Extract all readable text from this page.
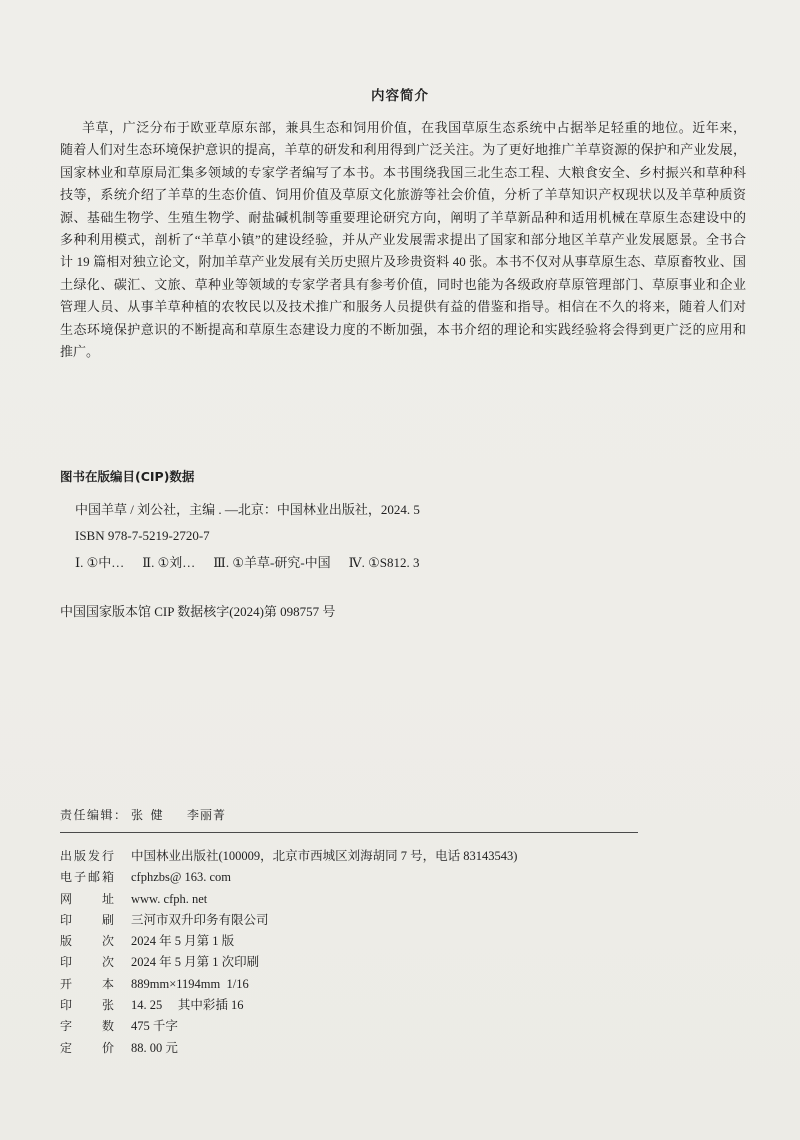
内容简介
羊草，广泛分布于欧亚草原东部，兼具生态和饲用价值，在我国草原生态系统中占据举足轻重的地位。近年来，
随着人们对生态环境保护意识的提高，羊草的研发和利用得到广泛关注。为了更好地推广羊草资源的保护和产业发展，
国家林业和草原局汇集多领域的专家学者编写了本书。本书围绕我国三北生态工程、大粮食安全、乡村振兴和草种科
技等，系统介绍了羊草的生态价值、饲用价值及草原文化旅游等社会价值，分析了羊草知识产权现状以及羊草种质资
源、基础生物学、生殖生物学、耐盐碱机制等重要理论研究方向，阐明了羊草新品种和适用机械在草原生态建设中的
多种利用模式，剖析了“羊草小镇”的建设经验，并从产业发展需求提出了国家和部分地区羊草产业发展愿景。全书合
计 19 篇相对独立论文，附加羊草产业发展有关历史照片及珍贵资料 40 张。本书不仅对从事草原生态、草原畜牧业、国
土绿化、碳汇、文旅、草种业等领域的专家学者具有参考价值，同时也能为各级政府草原管理部门、草原事业和企业
管理人员、从事羊草种植的农牧民以及技术推广和服务人员提供有益的借鉴和指导。相信在不久的将来，随着人们对
生态环境保护意识的不断提高和草原生态建设力度的不断加强，本书介绍的理论和实践经验将会得到更广泛的应用和
推广。
图书在版编目(CIP)数据
中国羊草 / 刘公社，主编 . —北京：中国林业出版社，2024. 5
ISBN 978-7-5219-2720-7
Ⅰ. ①中… Ⅱ. ①刘… Ⅲ. ①羊草-研究-中国 Ⅳ. ①S812. 3
中国国家版本馆 CIP 数据核字(2024)第 098757 号
责任编辑： 张  健	李丽菁
出版发行 中国林业出版社(100009，北京市西城区刘海胡同 7 号，电话 83143543)
电子邮箱 cfphzbs@ 163. com
网址 www. cfph. net
印刷 三河市双升印务有限公司
版次 2024 年 5 月第 1 版
印次 2024 年 5 月第 1 次印刷
开本 889mm×1194mm  1/16
印张 14. 25     其中彩插 16
字数 475 千字
定价 88. 00 元
